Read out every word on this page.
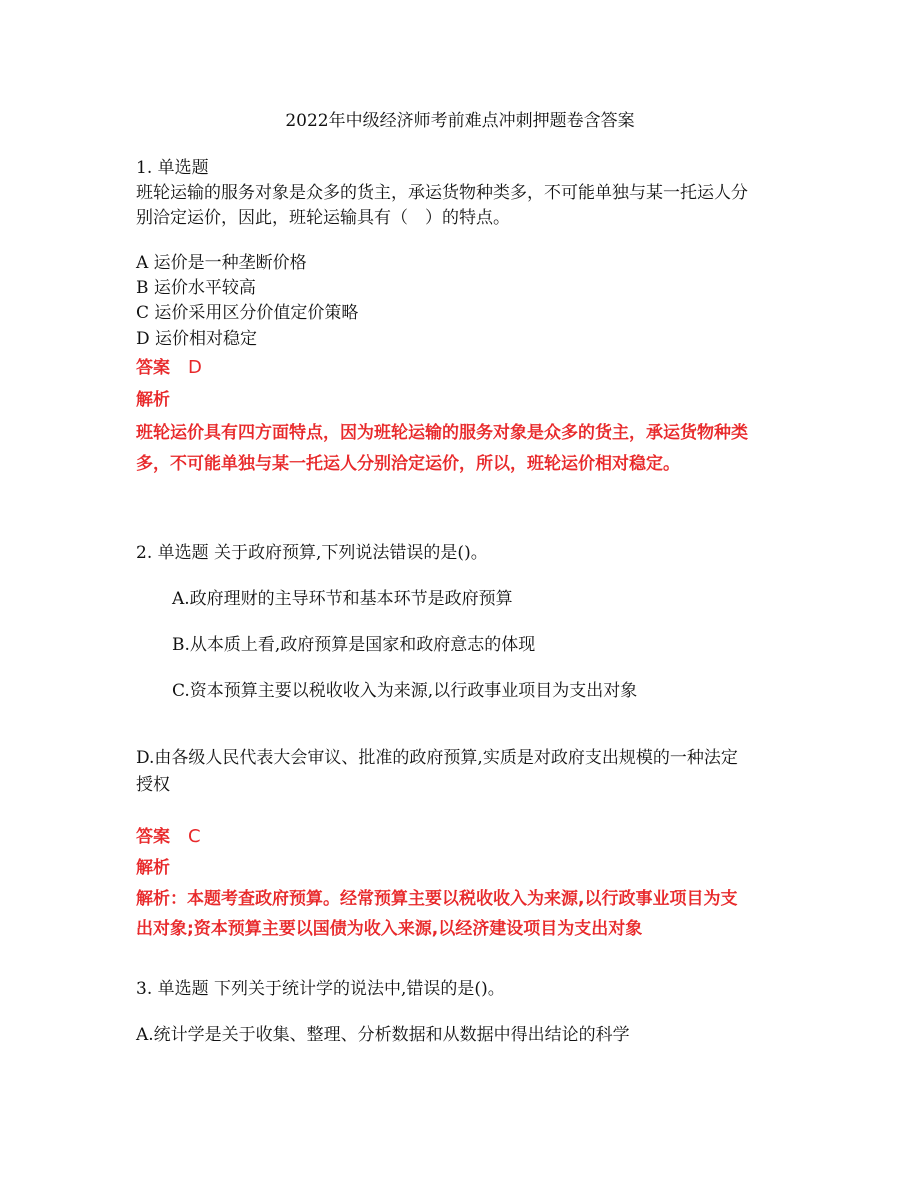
2022年中级经济师考前难点冲刺押题卷含答案
1. 单选题
班轮运输的服务对象是众多的货主，承运货物种类多，不可能单独与某一托运人分
别洽定运价，因此，班轮运输具有（　）的特点。
A 运价是一种垄断价格
B 运价水平较高
C 运价采用区分价值定价策略
D 运价相对稳定
答案 D
解析
班轮运价具有四方面特点，因为班轮运输的服务对象是众多的货主，承运货物种类
多，不可能单独与某一托运人分别洽定运价，所以，班轮运价相对稳定。
2. 单选题 关于政府预算,下列说法错误的是()。
A.政府理财的主导环节和基本环节是政府预算
B.从本质上看,政府预算是国家和政府意志的体现
C.资本预算主要以税收收入为来源,以行政事业项目为支出对象
D.由各级人民代表大会审议、批准的政府预算,实质是对政府支出规模的一种法定
授权
答案 C
解析
解析：本题考查政府预算。经常预算主要以税收收入为来源,以行政事业项目为支
出对象;资本预算主要以国债为收入来源,以经济建设项目为支出对象
3. 单选题 下列关于统计学的说法中,错误的是()。
A.统计学是关于收集、整理、分析数据和从数据中得出结论的科学
